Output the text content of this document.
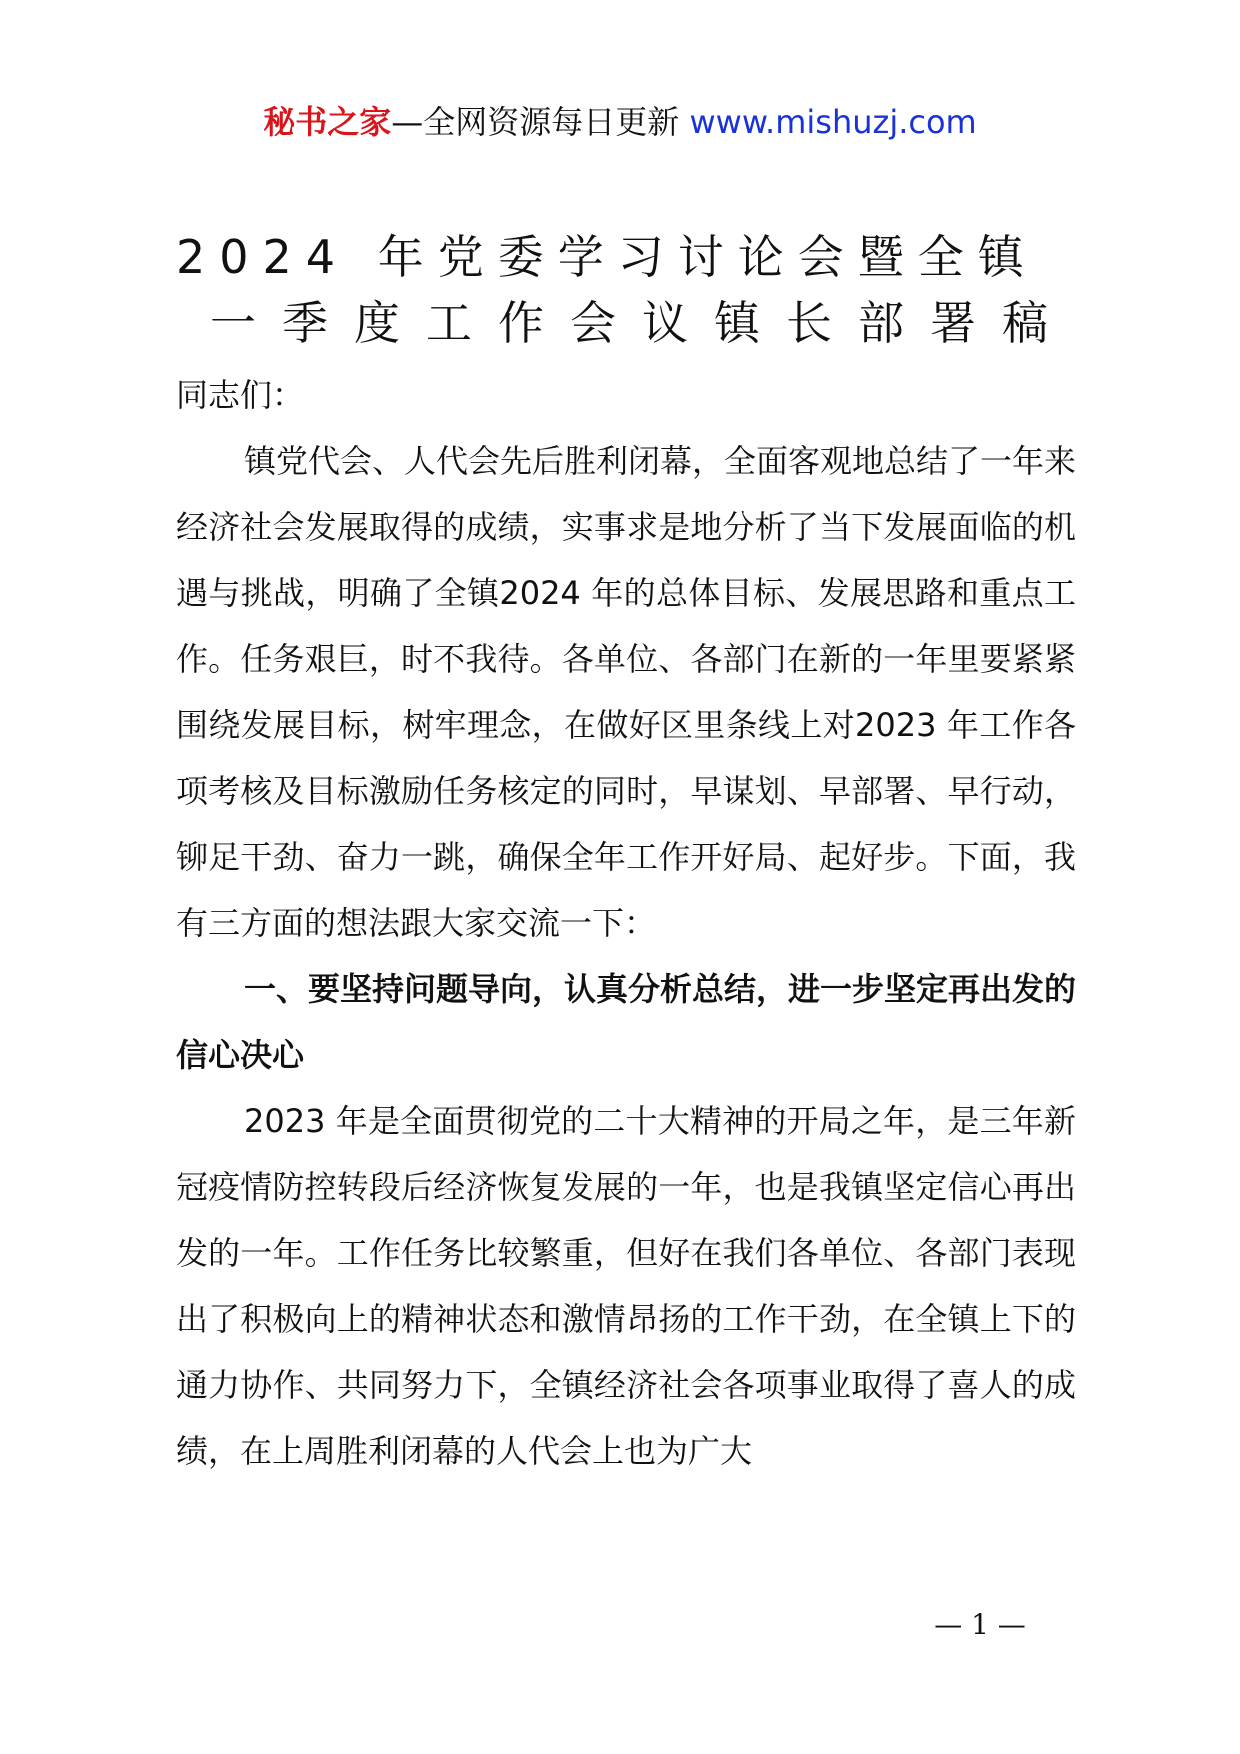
秘书之家—全网资源每日更新 www.mishuzj.com
2024 年党委学习讨论会暨全镇
一季度工作会议镇长部署稿

同志们：

镇党代会、人代会先后胜利闭幕，全面客观地总结了一年来经济社会发展取得的成绩，实事求是地分析了当下发展面临的机遇与挑战，明确了全镇2024 年的总体目标、发展思路和重点工作。任务艰巨，时不我待。各单位、各部门在新的一年里要紧紧围绕发展目标，树牢理念，在做好区里条线上对2023 年工作各项考核及目标激励任务核定的同时，早谋划、早部署、早行动，铆足干劲、奋力一跳，确保全年工作开好局、起好步。下面，我有三方面的想法跟大家交流一下：

一、要坚持问题导向，认真分析总结，进一步坚定再出发的信心决心

2023 年是全面贯彻党的二十大精神的开局之年，是三年新冠疫情防控转段后经济恢复发展的一年，也是我镇坚定信心再出发的一年。工作任务比较繁重，但好在我们各单位、各部门表现出了积极向上的精神状态和激情昂扬的工作干劲，在全镇上下的通力协作、共同努力下，全镇经济社会各项事业取得了喜人的成绩，在上周胜利闭幕的人代会上也为广大

— 1 —
